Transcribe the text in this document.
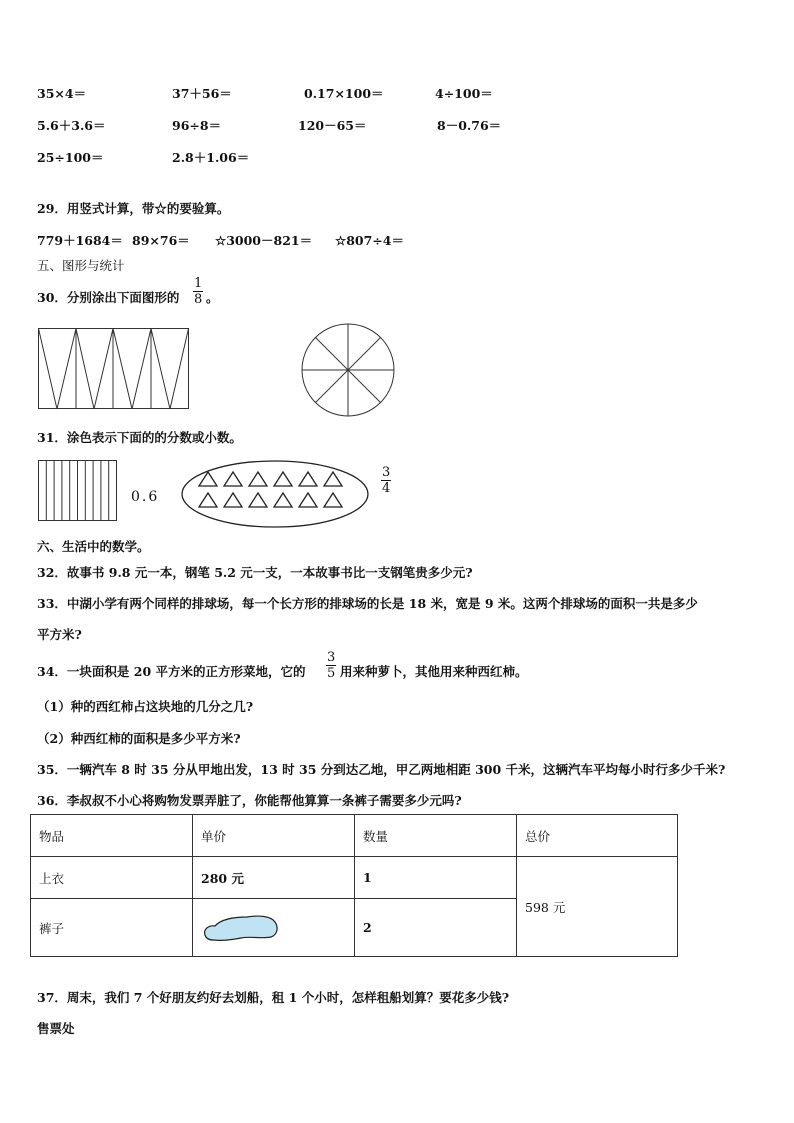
35×4＝	37＋56＝	0.17×100＝	4÷100＝
5.6＋3.6＝	96÷8＝	120－65＝	8－0.76＝
25÷100＝	2.8＋1.06＝
29．用竖式计算，带☆的要验算。
779＋1684＝ 89×76＝ ☆3000－821＝ ☆807÷4＝
五、图形与统计
30．分别涂出下面图形的
1
8 。
31．涂色表示下面的的分数或小数。
0.6
3
4
六、生活中的数学。
32．故事书 9.8 元一本，钢笔 5.2 元一支，一本故事书比一支钢笔贵多少元?
33．中湖小学有两个同样的排球场，每一个长方形的排球场的长是 18 米，宽是 9 米。这两个排球场的面积一共是多少
平方米?
34．一块面积是 20 平方米的正方形菜地，它的
3
5 用来种萝卜，其他用来种西红柿。
（1）种的西红柿占这块地的几分之几?
（2）种西红柿的面积是多少平方米?
35．一辆汽车 8 时 35 分从甲地出发，13 时 35 分到达乙地，甲乙两地相距 300 千米，这辆汽车平均每小时行多少千米?
36．李叔叔不小心将购物发票弄脏了，你能帮他算算一条裤子需要多少元吗?
物品	单价	数量	总价
上衣	280 元	1	598 元
裤子		2	
37．周末，我们 7 个好朋友约好去划船，租 1 个小时，怎样租船划算？要花多少钱?
售票处
